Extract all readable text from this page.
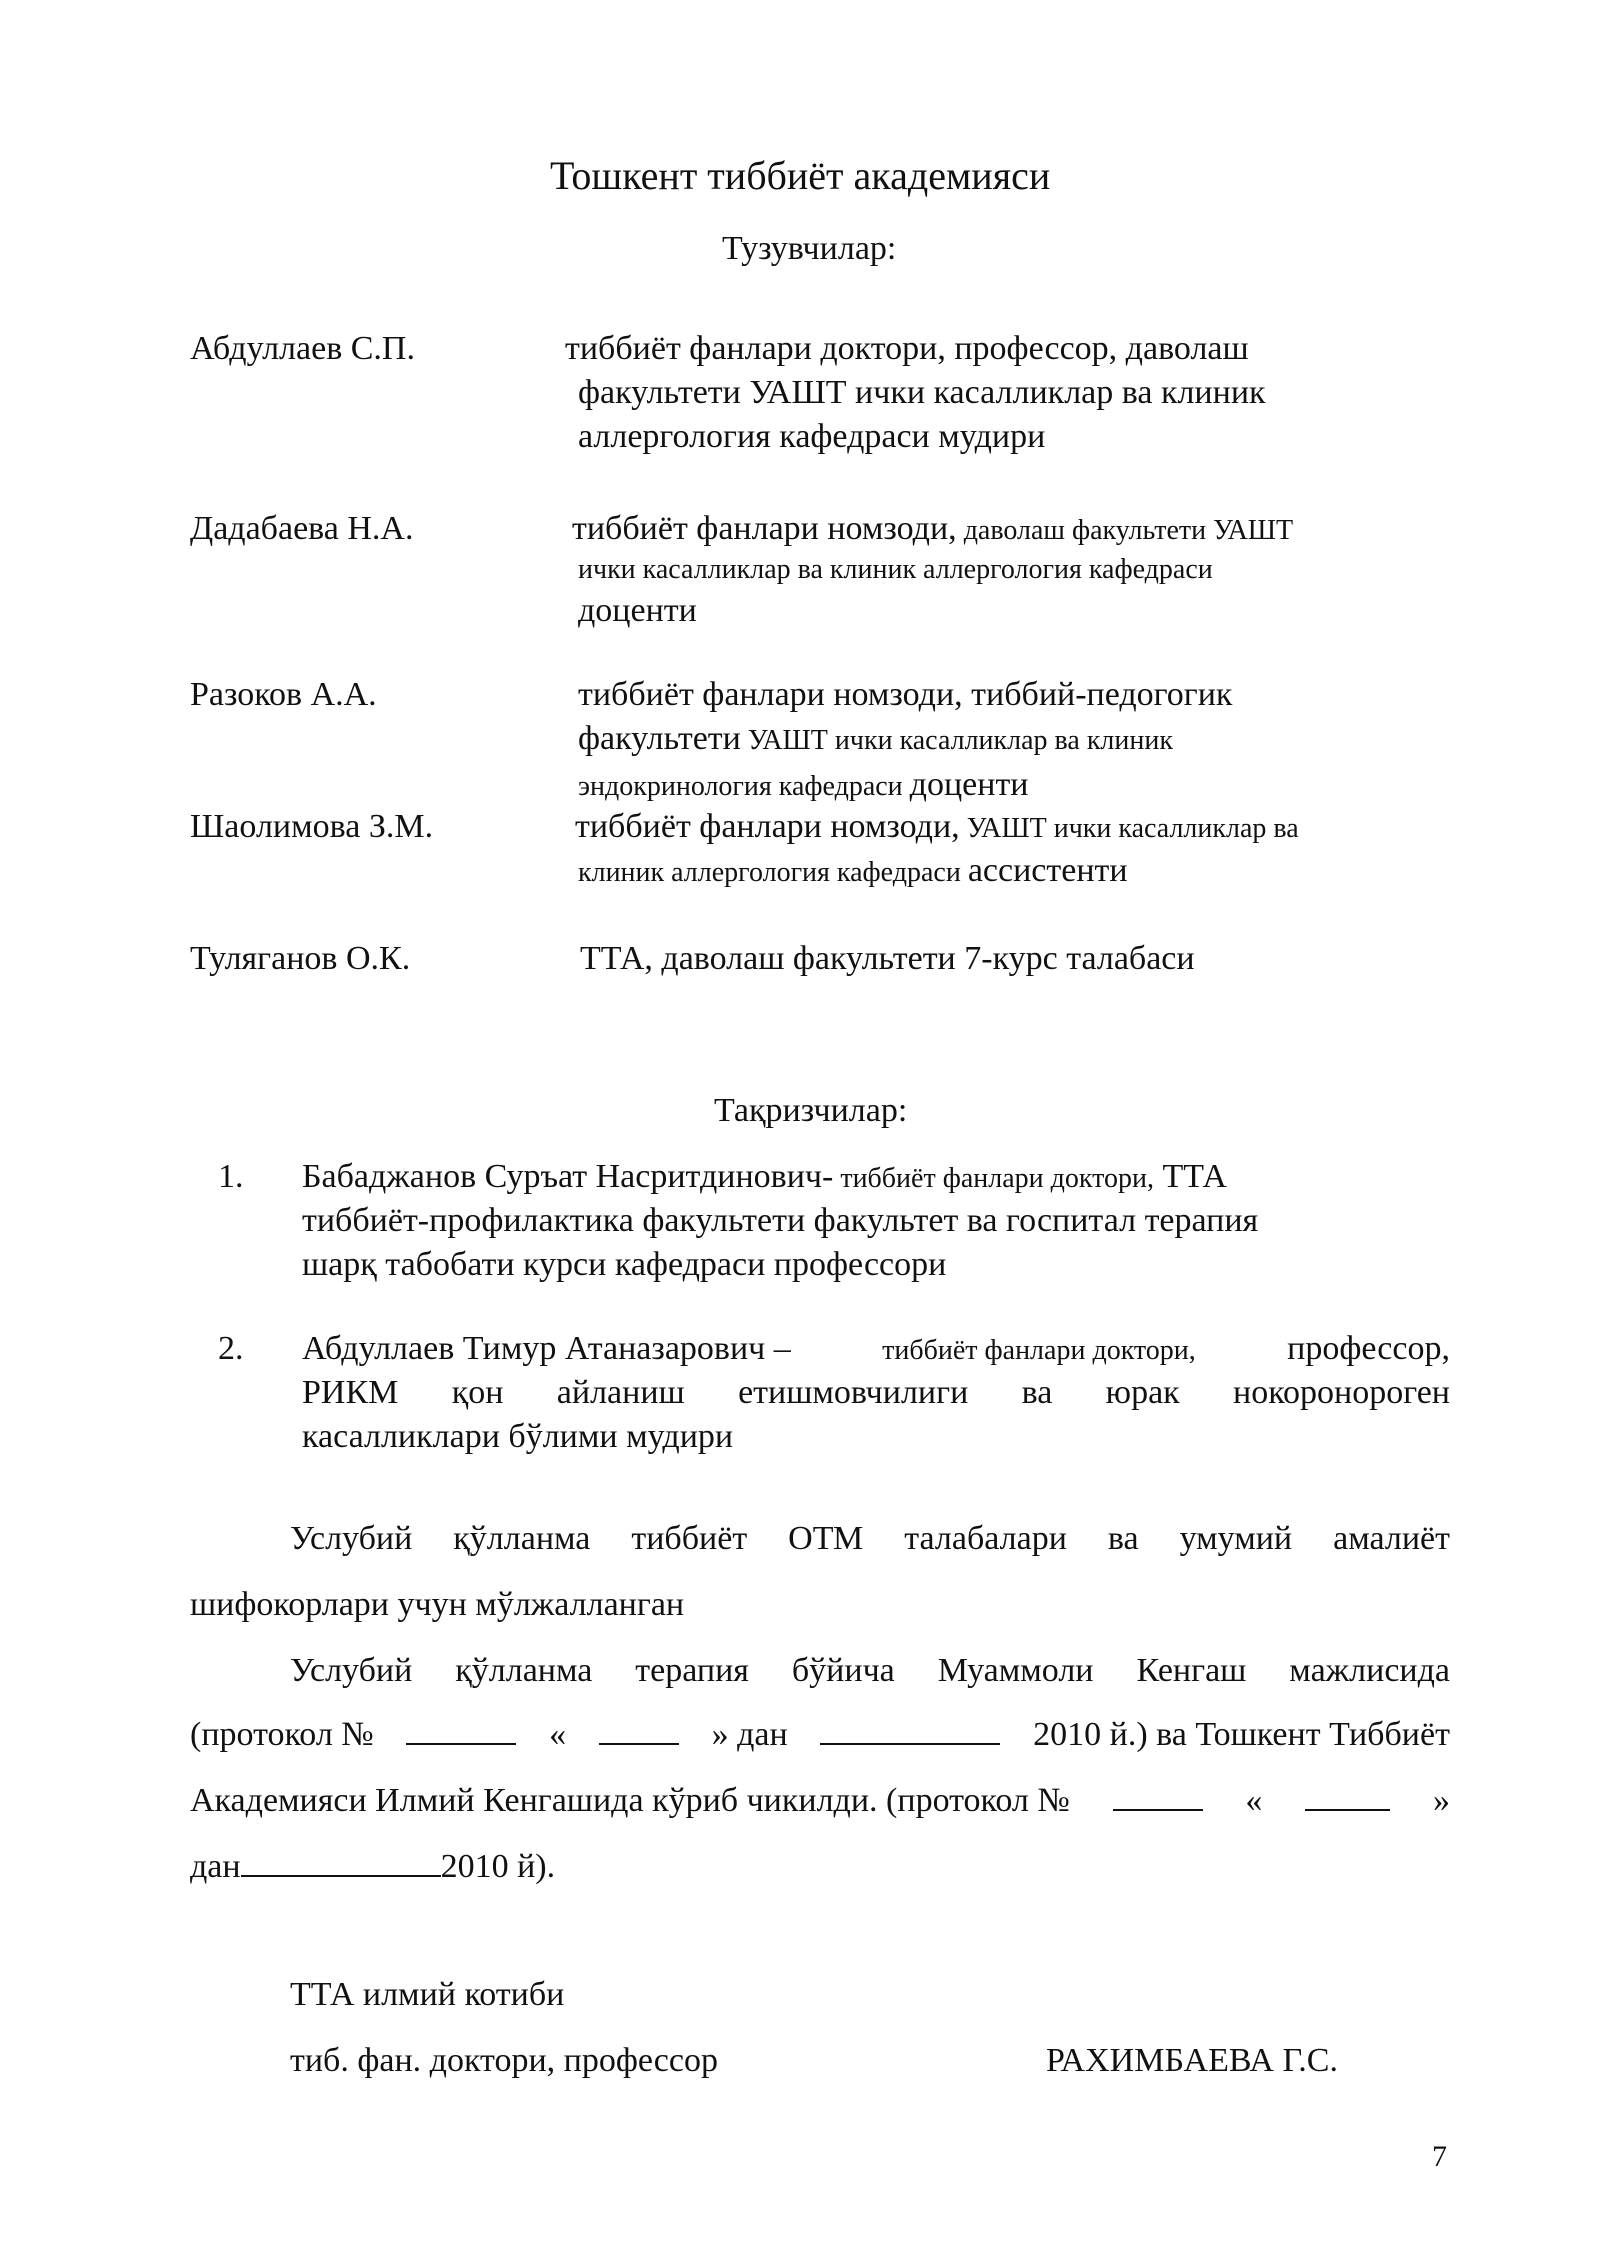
Тошкент тиббиёт академияси
Тузувчилар:
Абдуллаев С.П.	тиббиёт фанлари доктори, профессор, даволаш
факультети УАШТ ички касалликлар ва клиник
аллергология кафедраси мудири
Дадабаева Н.А.	тиббиёт фанлари номзоди, даволаш факультети УАШТ
ички касалликлар ва клиник аллергология кафедраси
доценти
Разоков А.А.	тиббиёт фанлари номзоди, тиббий-педогогик
факультети УАШТ ички касалликлар ва клиник
эндокринология кафедраси доценти
Шаолимова З.М.	тиббиёт фанлари номзоди, УАШТ ички касалликлар ва
клиник аллергология кафедраси ассистенти
Туляганов О.К.	ТТА, даволаш факультети 7-курс талабаси
Тақризчилар:
1. Бабаджанов Суръат Насритдинович- тиббиёт фанлари доктори, ТТА
тиббиёт-профилактика факультети факультет ва госпитал терапия
шарқ табобати курси кафедраси профессори
2. Абдуллаев Тимур Атаназарович –	тиббиёт фанлари доктори,	профессор,
РИКМ қон айланиш етишмовчилиги ва юрак нокоронороген
касалликлари бўлими мудири
Услубий қўлланма тиббиёт ОТМ талабалари ва умумий амалиёт
шифокорлари учун мўлжалланган
Услубий қўлланма терапия бўйича Муаммоли Кенгаш мажлисида
(протокол №	«	» дан	2010 й.) ва Тошкент Тиббиёт
Академияси Илмий Кенгашида кўриб чикилди. (протокол №	«	»
дан	2010 й).
ТТА илмий котиби
тиб. фан. доктори, профессор	РАХИМБАЕВА Г.С.
7
